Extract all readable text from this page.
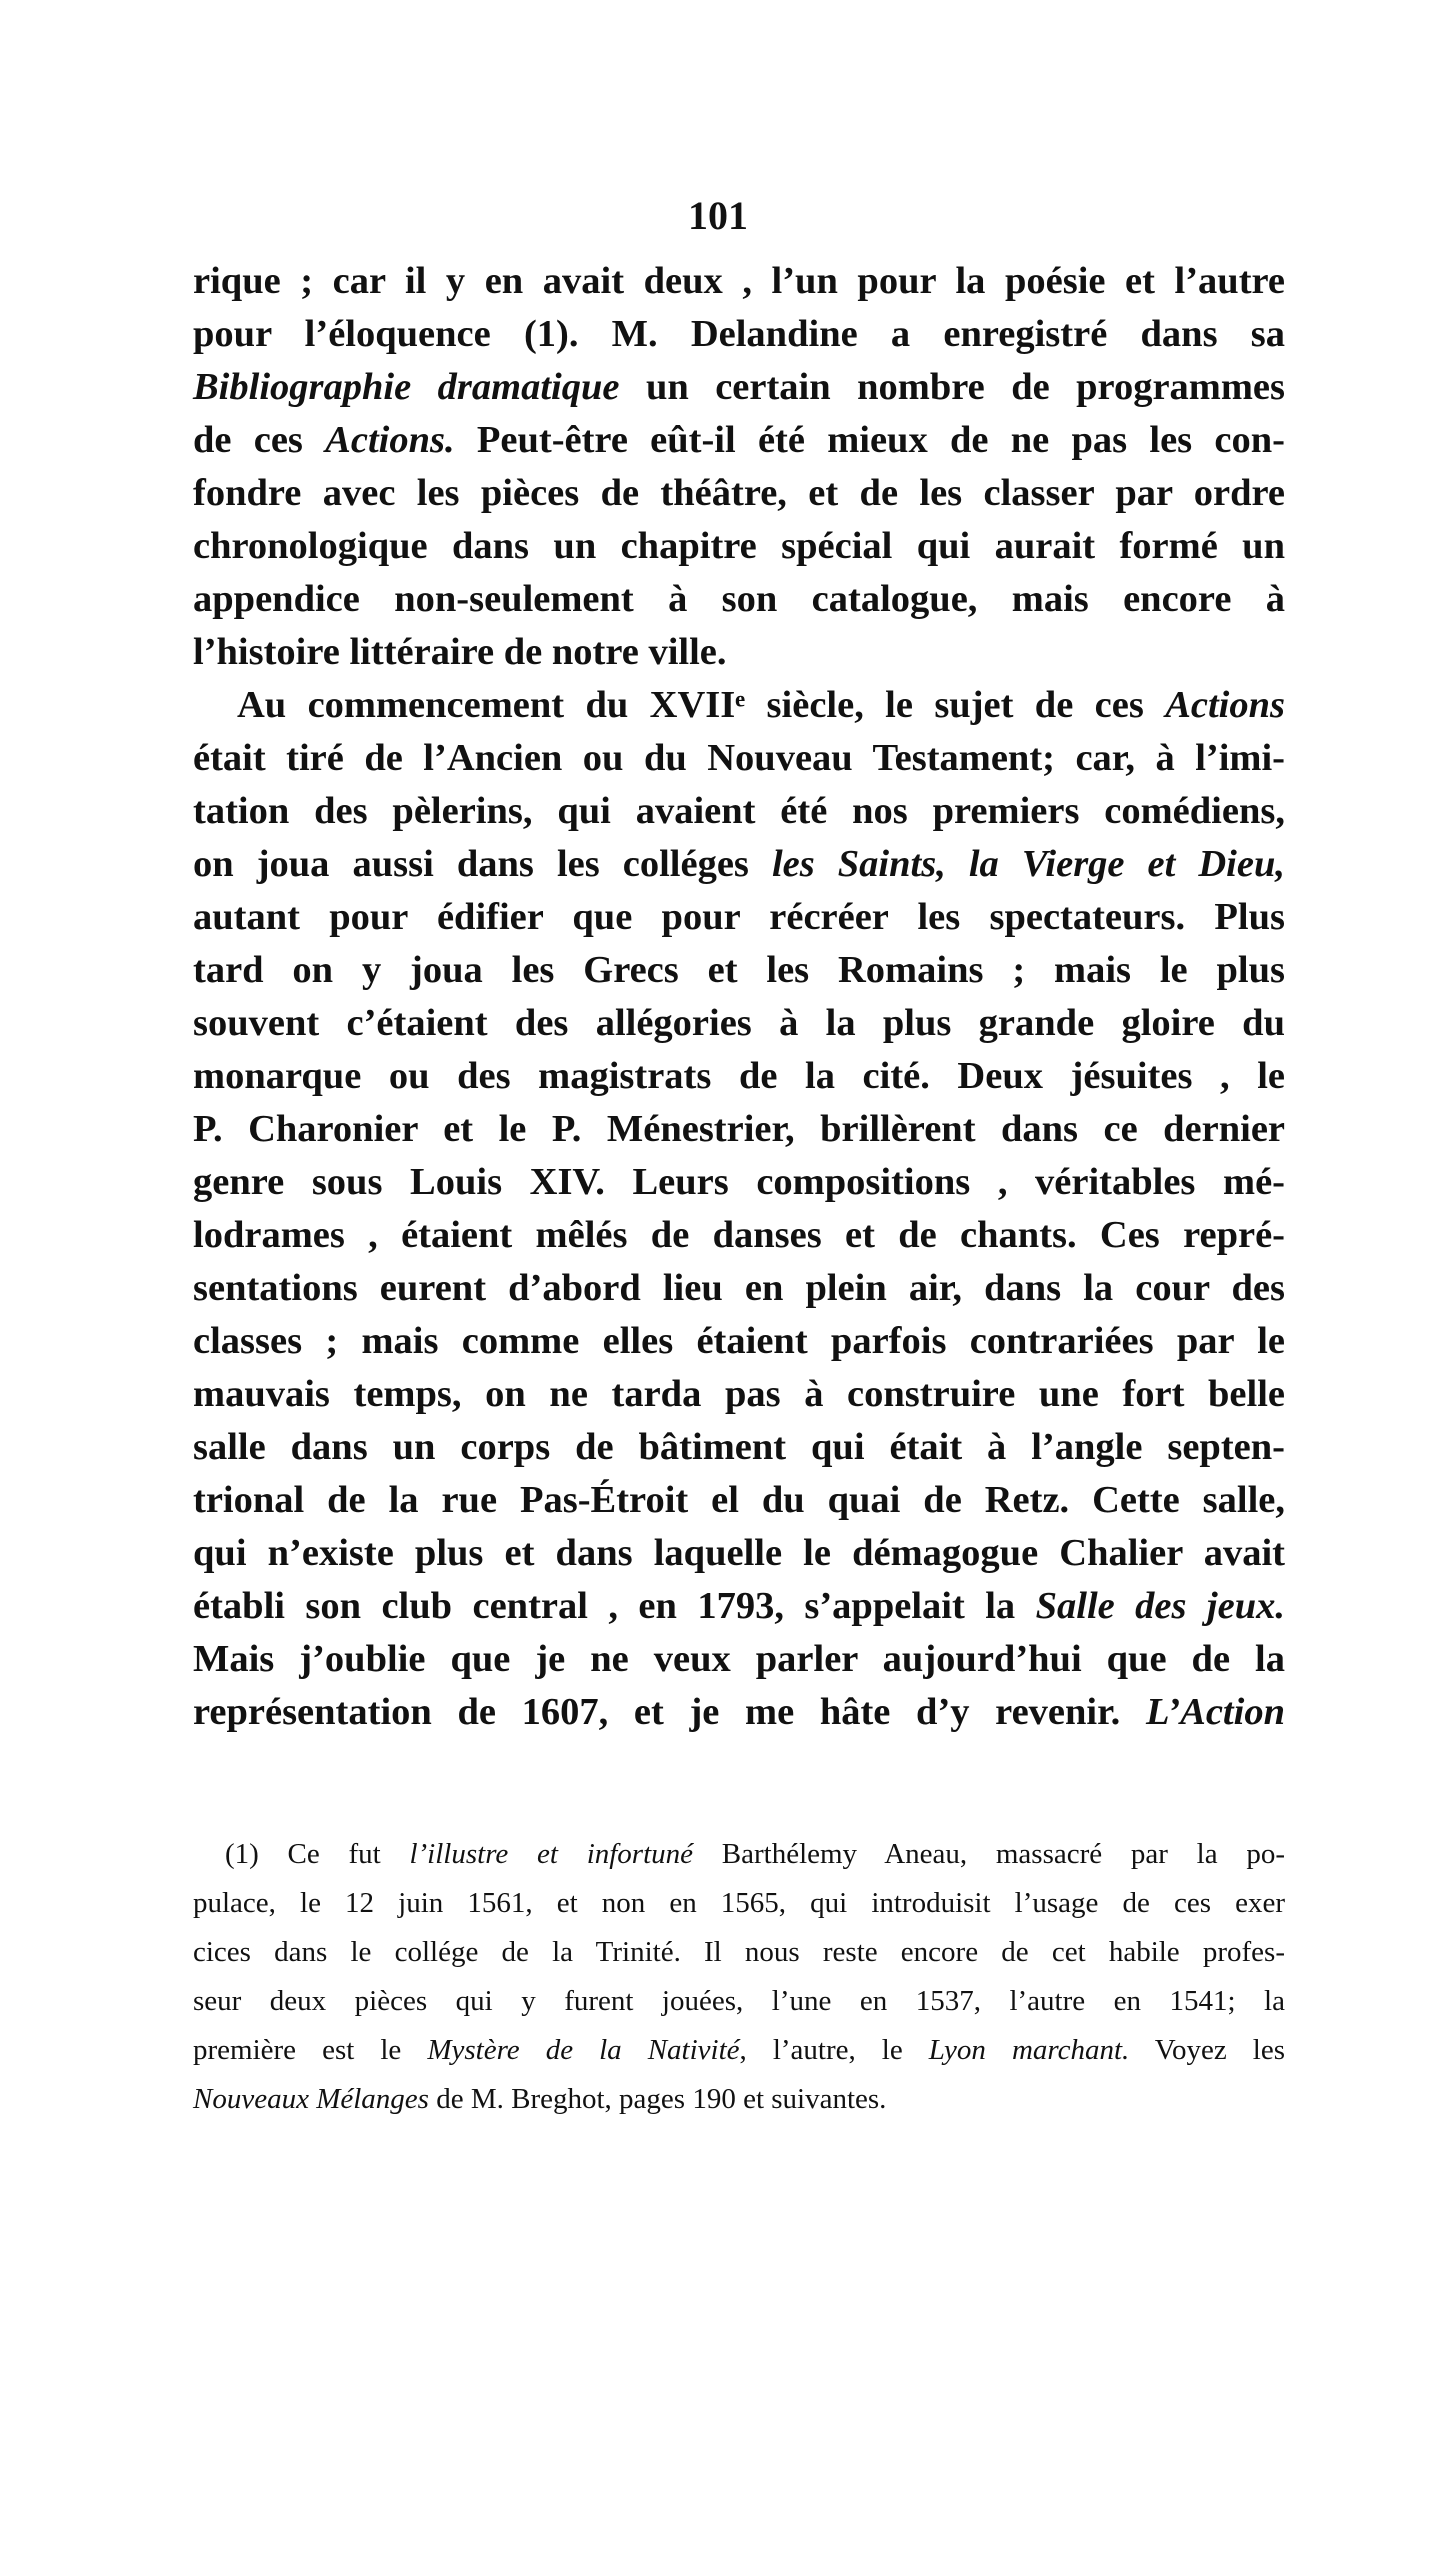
101
rique ; car il y en avait deux , l’un pour la poésie et l’autre
pour l’éloquence (1). M. Delandine a enregistré dans sa
Bibliographie dramatique un certain nombre de programmes
de ces Actions. Peut-être eût-il été mieux de ne pas les con-
fondre avec les pièces de théâtre, et de les classer par ordre
chronologique dans un chapitre spécial qui aurait formé un
appendice non-seulement à son catalogue, mais encore à
l’histoire littéraire de notre ville.
Au commencement du XVIIᵉ siècle, le sujet de ces Actions
était tiré de l’Ancien ou du Nouveau Testament; car, à l’imi-
tation des pèlerins, qui avaient été nos premiers comédiens,
on joua aussi dans les colléges les Saints, la Vierge et Dieu,
autant pour édifier que pour récréer les spectateurs. Plus
tard on y joua les Grecs et les Romains ; mais le plus
souvent c’étaient des allégories à la plus grande gloire du
monarque ou des magistrats de la cité. Deux jésuites , le
P. Charonier et le P. Ménestrier, brillèrent dans ce dernier
genre sous Louis XIV. Leurs compositions , véritables mé-
lodrames , étaient mêlés de danses et de chants. Ces repré-
sentations eurent d’abord lieu en plein air, dans la cour des
classes ; mais comme elles étaient parfois contrariées par le
mauvais temps, on ne tarda pas à construire une fort belle
salle dans un corps de bâtiment qui était à l’angle septen-
trional de la rue Pas-Étroit el du quai de Retz. Cette salle,
qui n’existe plus et dans laquelle le démagogue Chalier avait
établi son club central , en 1793, s’appelait la Salle des jeux.
Mais j’oublie que je ne veux parler aujourd’hui que de la
représentation de 1607, et je me hâte d’y revenir. L’Action
(1) Ce fut l’illustre et infortuné Barthélemy Aneau, massacré par la po-
pulace, le 12 juin 1561, et non en 1565, qui introduisit l’usage de ces exer
cices dans le collége de la Trinité. Il nous reste encore de cet habile profes-
seur deux pièces qui y furent jouées, l’une en 1537, l’autre en 1541; la
première est le Mystère de la Nativité, l’autre, le Lyon marchant. Voyez les
Nouveaux Mélanges de M. Breghot, pages 190 et suivantes.
